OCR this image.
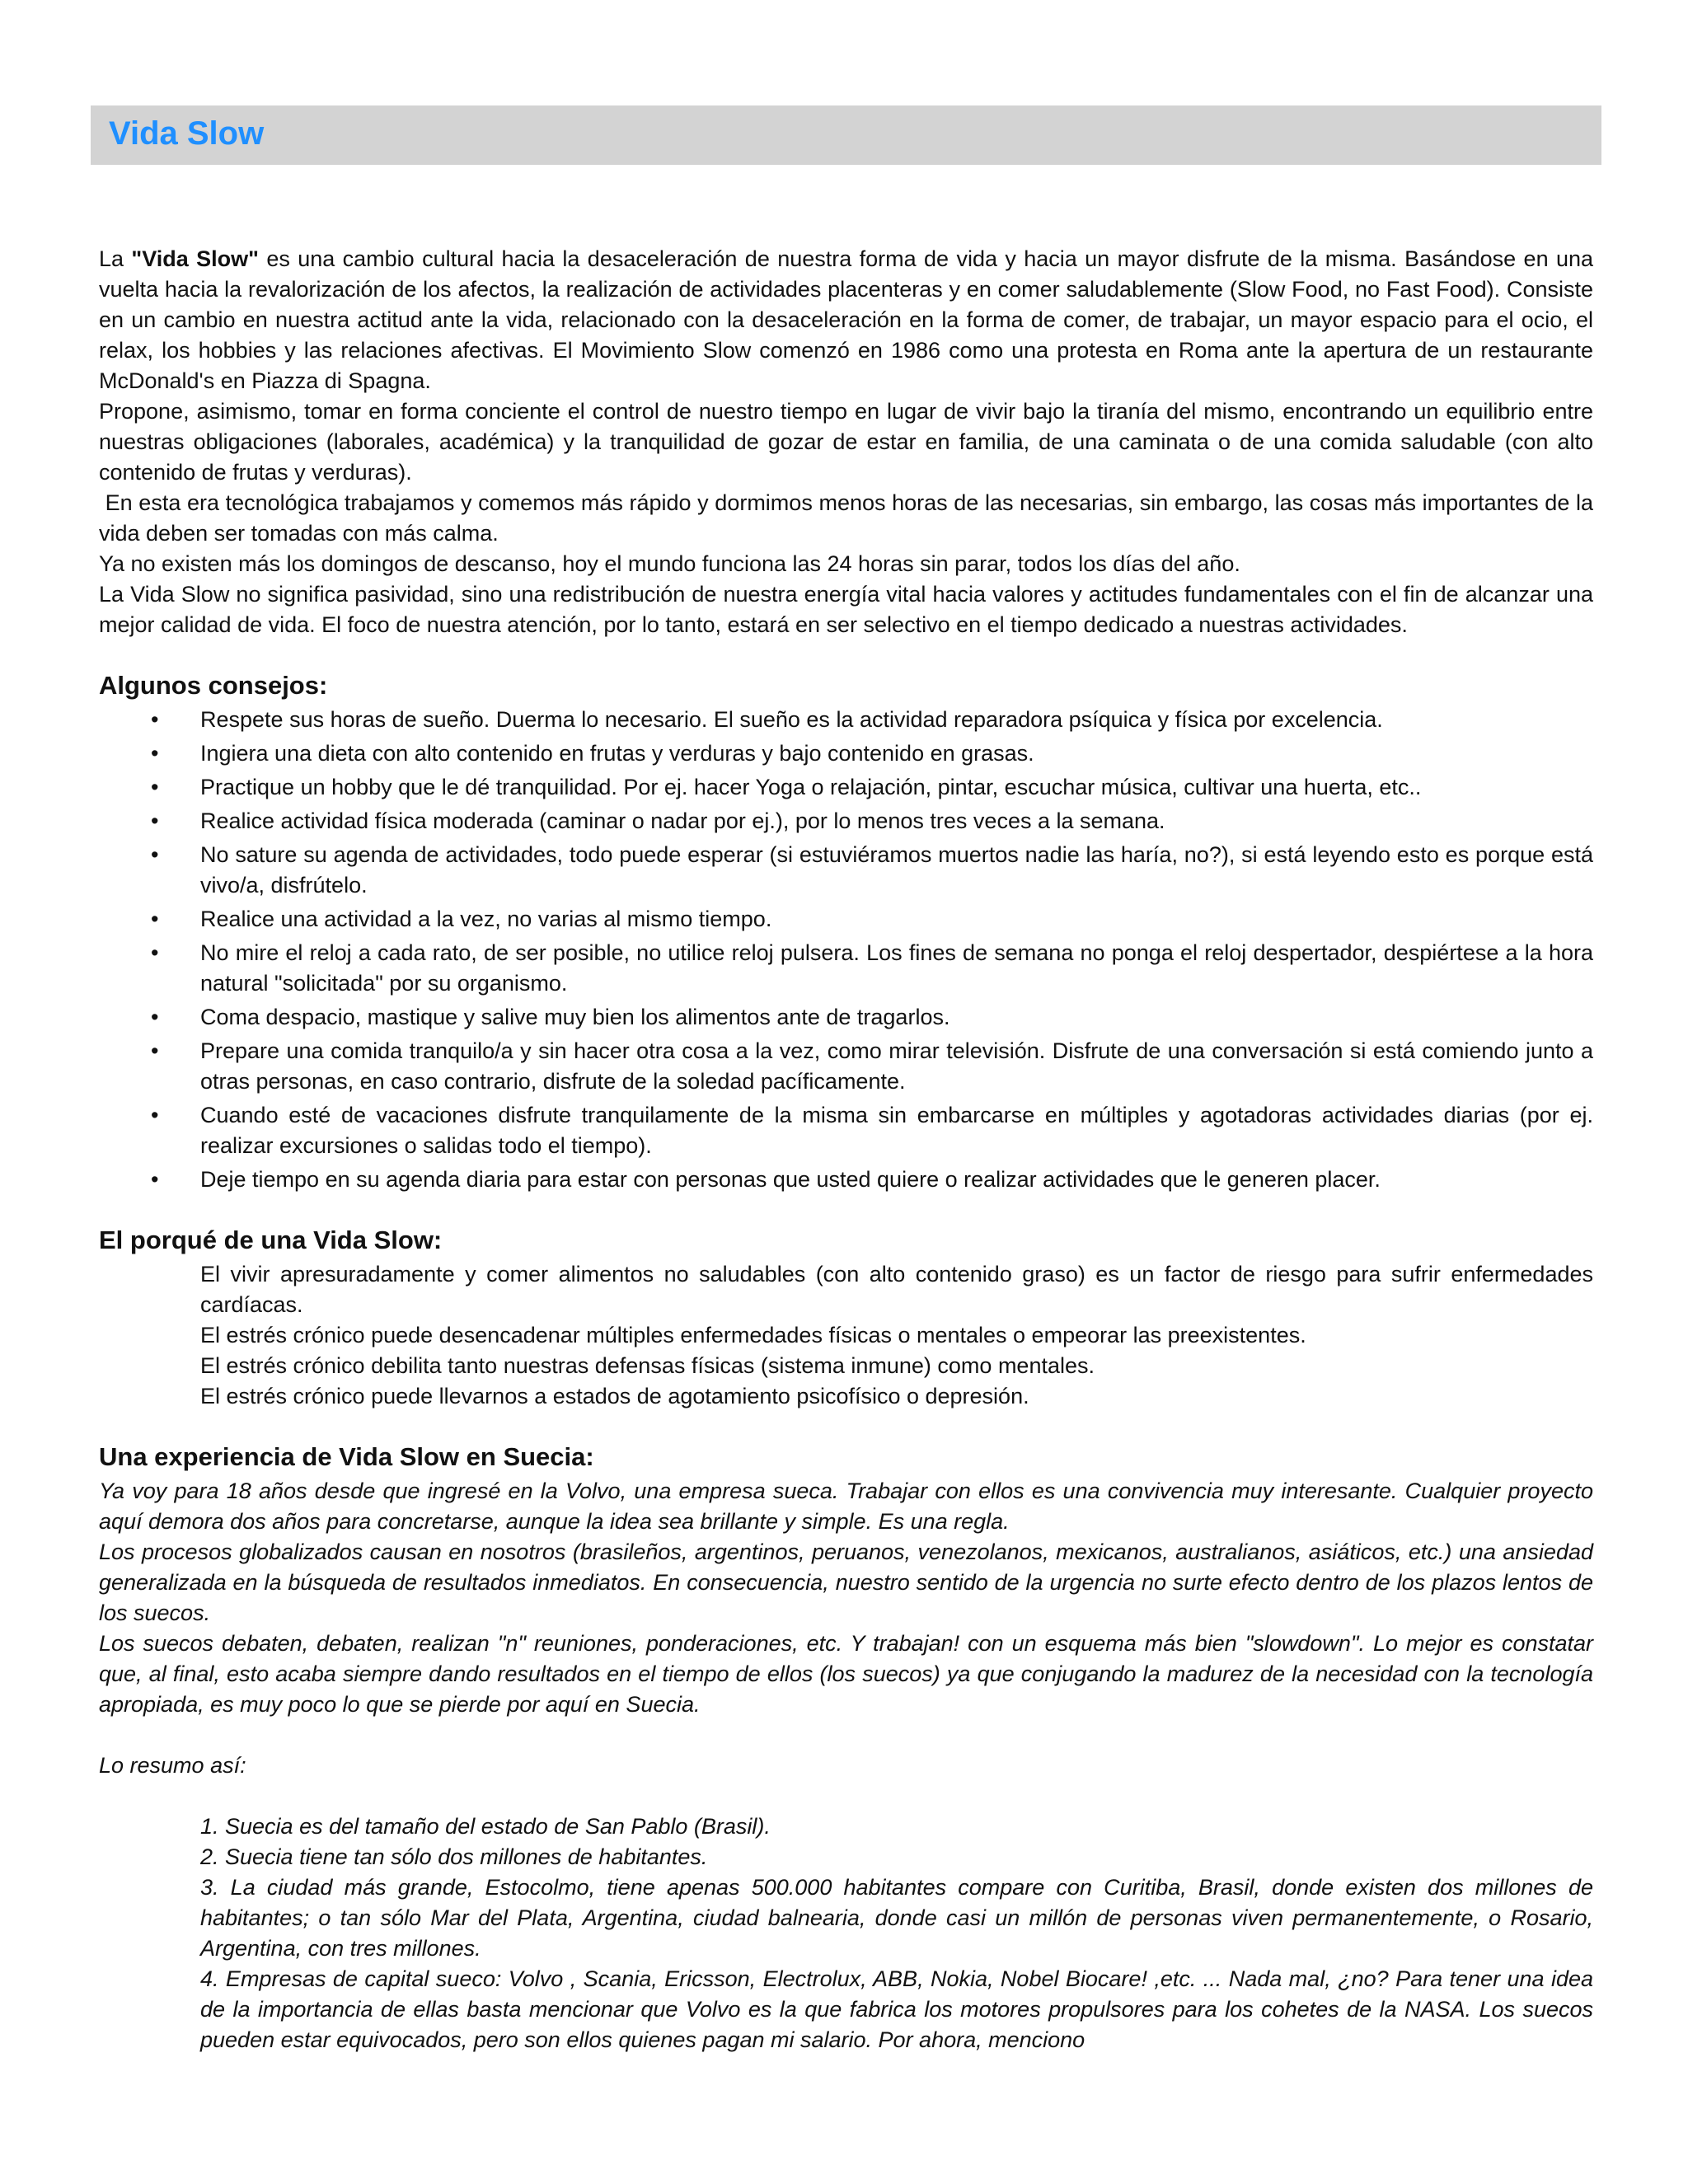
Vida Slow

La "Vida Slow" es una cambio cultural hacia la desaceleración de nuestra forma de vida y hacia un mayor disfrute de la misma. Basándose en una vuelta hacia la revalorización de los afectos, la realización de actividades placenteras y en comer saludablemente (Slow Food, no Fast Food). Consiste en un cambio en nuestra actitud ante la vida, relacionado con la desaceleración en la forma de comer, de trabajar, un mayor espacio para el ocio, el relax, los hobbies y las relaciones afectivas. El Movimiento Slow comenzó en 1986 como una protesta en Roma ante la apertura de un restaurante McDonald's en Piazza di Spagna.

Propone, asimismo, tomar en forma conciente el control de nuestro tiempo en lugar de vivir bajo la tiranía del mismo, encontrando un equilibrio entre nuestras obligaciones (laborales, académica) y la tranquilidad de gozar de estar en familia, de una caminata o de una comida saludable (con alto contenido de frutas y verduras).

En esta era tecnológica trabajamos y comemos más rápido y dormimos menos horas de las necesarias, sin embargo, las cosas más importantes de la vida deben ser tomadas con más calma.

Ya no existen más los domingos de descanso, hoy el mundo funciona las 24 horas sin parar, todos los días del año.

La Vida Slow no significa pasividad, sino una redistribución de nuestra energía vital hacia valores y actitudes fundamentales con el fin de alcanzar una mejor calidad de vida. El foco de nuestra atención, por lo tanto, estará en ser selectivo en el tiempo dedicado a nuestras actividades.

Algunos consejos:
• Respete sus horas de sueño. Duerma lo necesario. El sueño es la actividad reparadora psíquica y física por excelencia.
• Ingiera una dieta con alto contenido en frutas y verduras y bajo contenido en grasas.
• Practique un hobby que le dé tranquilidad. Por ej. hacer Yoga o relajación, pintar, escuchar música, cultivar una huerta, etc..
• Realice actividad física moderada (caminar o nadar por ej.), por lo menos tres veces a la semana.
• No sature su agenda de actividades, todo puede esperar (si estuviéramos muertos nadie las haría, no?), si está leyendo esto es porque está vivo/a, disfrútelo.
• Realice una actividad a la vez, no varias al mismo tiempo.
• No mire el reloj a cada rato, de ser posible, no utilice reloj pulsera. Los fines de semana no ponga el reloj despertador, despiértese a la hora natural "solicitada" por su organismo.
• Coma despacio, mastique y salive muy bien los alimentos ante de tragarlos.
• Prepare una comida tranquilo/a y sin hacer otra cosa a la vez, como mirar televisión. Disfrute de una conversación si está comiendo junto a otras personas, en caso contrario, disfrute de la soledad pacíficamente.
• Cuando esté de vacaciones disfrute tranquilamente de la misma sin embarcarse en múltiples y agotadoras actividades diarias (por ej. realizar excursiones o salidas todo el tiempo).
• Deje tiempo en su agenda diaria para estar con personas que usted quiere o realizar actividades que le generen placer.
El porqué de una Vida Slow:

El vivir apresuradamente y comer alimentos no saludables (con alto contenido graso) es un factor de riesgo para sufrir enfermedades cardíacas.

El estrés crónico puede desencadenar múltiples enfermedades físicas o mentales o empeorar las preexistentes.

El estrés crónico debilita tanto nuestras defensas físicas (sistema inmune) como mentales.

El estrés crónico puede llevarnos a estados de agotamiento psicofísico o depresión.

Una experiencia de Vida Slow en Suecia:

Ya voy para 18 años desde que ingresé en la Volvo, una empresa sueca. Trabajar con ellos es una convivencia muy interesante. Cualquier proyecto aquí demora dos años para concretarse, aunque la idea sea brillante y simple. Es una regla.

Los procesos globalizados causan en nosotros (brasileños, argentinos, peruanos, venezolanos, mexicanos, australianos, asiáticos, etc.) una ansiedad generalizada en la búsqueda de resultados inmediatos. En consecuencia, nuestro sentido de la urgencia no surte efecto dentro de los plazos lentos de los suecos.

Los suecos debaten, debaten, realizan "n" reuniones, ponderaciones, etc. Y trabajan! con un esquema más bien "slowdown". Lo mejor es constatar que, al final, esto acaba siempre dando resultados en el tiempo de ellos (los suecos) ya que conjugando la madurez de la necesidad con la tecnología apropiada, es muy poco lo que se pierde por aquí en Suecia.

Lo resumo así:

1. Suecia es del tamaño del estado de San Pablo (Brasil).

2. Suecia tiene tan sólo dos millones de habitantes.

3. La ciudad más grande, Estocolmo, tiene apenas 500.000 habitantes compare con Curitiba, Brasil, donde existen dos millones de habitantes; o tan sólo Mar del Plata, Argentina, ciudad balnearia, donde casi un millón de personas viven permanentemente, o Rosario, Argentina, con tres millones.

4. Empresas de capital sueco: Volvo , Scania, Ericsson, Electrolux, ABB, Nokia, Nobel Biocare! ,etc. ... Nada mal, ¿no? Para tener una idea de la importancia de ellas basta mencionar que Volvo es la que fabrica los motores propulsores para los cohetes de la NASA. Los suecos pueden estar equivocados, pero son ellos quienes pagan mi salario. Por ahora, menciono
